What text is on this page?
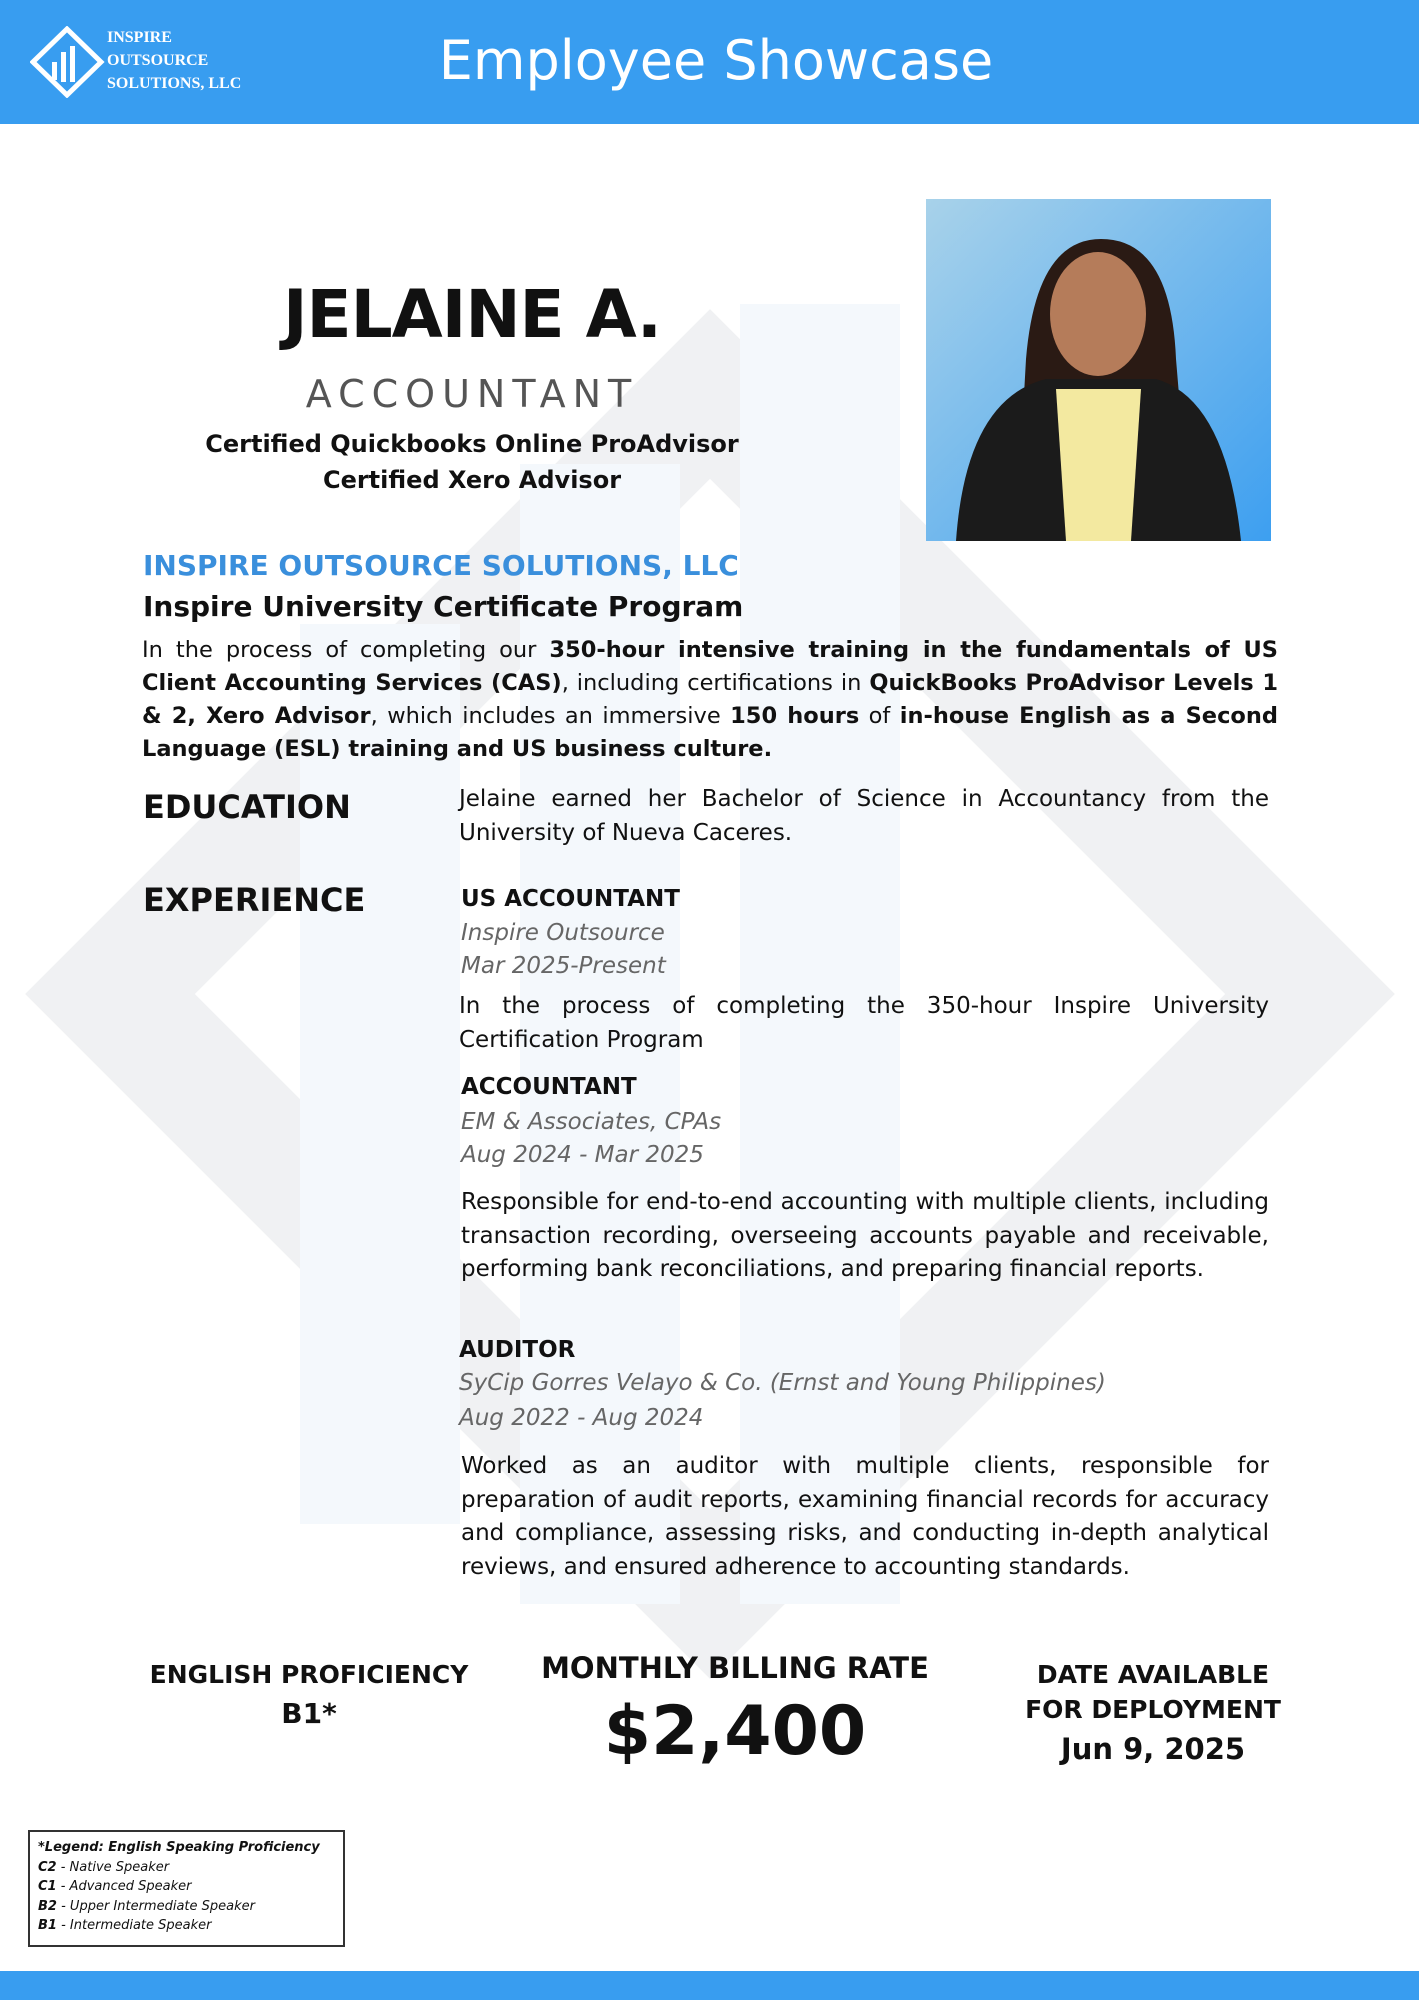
INSPIRE
OUTSOURCE
SOLUTIONS, LLC	Employee Showcase
JELAINE A.
ACCOUNTANT
Certified Quickbooks Online ProAdvisor
Certified Xero Advisor
INSPIRE OUTSOURCE SOLUTIONS, LLC
Inspire University Certificate Program
In the process of completing our 350-hour intensive training in the fundamentals of US Client Accounting Services (CAS), including certifications in QuickBooks ProAdvisor Levels 1 & 2, Xero Advisor, which includes an immersive 150 hours of in-house English as a Second Language (ESL) training and US business culture.
EDUCATION	Jelaine earned her Bachelor of Science in Accountancy from the University of Nueva Caceres.
EXPERIENCE	US ACCOUNTANT
Inspire Outsource
Mar 2025-Present
In the process of completing the 350-hour Inspire University Certification Program
ACCOUNTANT
EM & Associates, CPAs
Aug 2024 - Mar 2025
Responsible for end-to-end accounting with multiple clients, including transaction recording, overseeing accounts payable and receivable, performing bank reconciliations, and preparing financial reports.
AUDITOR
SyCip Gorres Velayo & Co. (Ernst and Young Philippines)
Aug 2022 - Aug 2024
Worked as an auditor with multiple clients, responsible for preparation of audit reports, examining financial records for accuracy and compliance, assessing risks, and conducting in-depth analytical reviews, and ensured adherence to accounting standards.
ENGLISH PROFICIENCY
B1*
MONTHLY BILLING RATE
$2,400
DATE AVAILABLE
FOR DEPLOYMENT
Jun 9, 2025
*Legend: English Speaking Proficiency
C2 - Native Speaker
C1 - Advanced Speaker
B2 - Upper Intermediate Speaker
B1 - Intermediate Speaker
